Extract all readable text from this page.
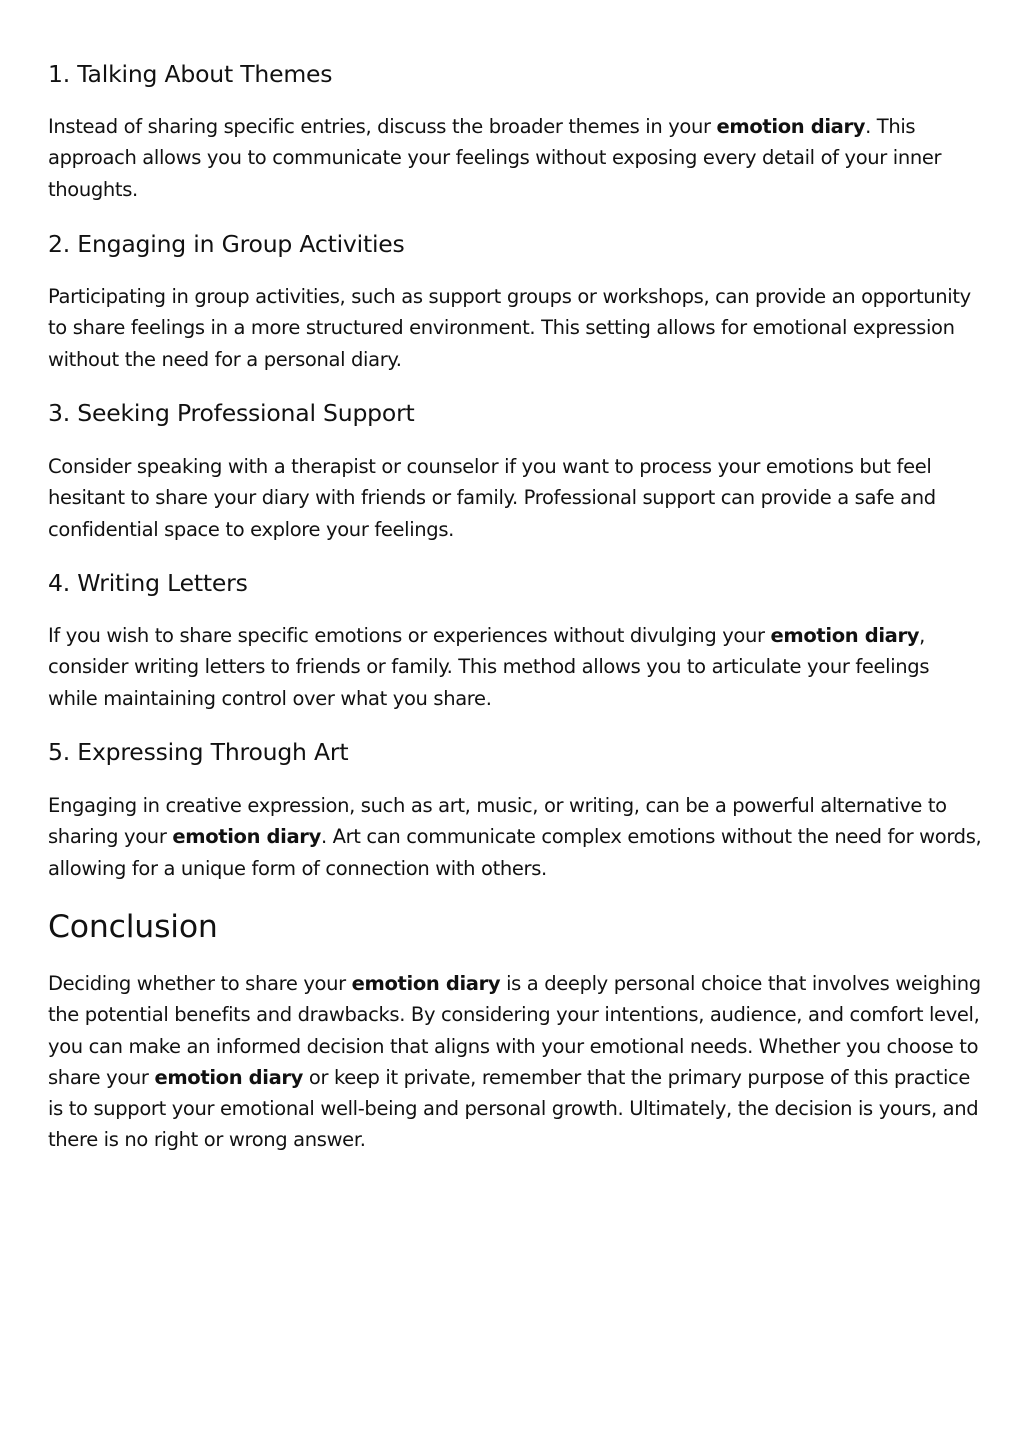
1. Talking About Themes

Instead of sharing specific entries, discuss the broader themes in your emotion diary. This approach allows you to communicate your feelings without exposing every detail of your inner thoughts.

2. Engaging in Group Activities

Participating in group activities, such as support groups or workshops, can provide an opportunity to share feelings in a more structured environment. This setting allows for emotional expression without the need for a personal diary.

3. Seeking Professional Support

Consider speaking with a therapist or counselor if you want to process your emotions but feel hesitant to share your diary with friends or family. Professional support can provide a safe and confidential space to explore your feelings.

4. Writing Letters

If you wish to share specific emotions or experiences without divulging your emotion diary, consider writing letters to friends or family. This method allows you to articulate your feelings while maintaining control over what you share.

5. Expressing Through Art

Engaging in creative expression, such as art, music, or writing, can be a powerful alternative to sharing your emotion diary. Art can communicate complex emotions without the need for words, allowing for a unique form of connection with others.

Conclusion

Deciding whether to share your emotion diary is a deeply personal choice that involves weighing the potential benefits and drawbacks. By considering your intentions, audience, and comfort level, you can make an informed decision that aligns with your emotional needs. Whether you choose to share your emotion diary or keep it private, remember that the primary purpose of this practice is to support your emotional well-being and personal growth. Ultimately, the decision is yours, and there is no right or wrong answer.
